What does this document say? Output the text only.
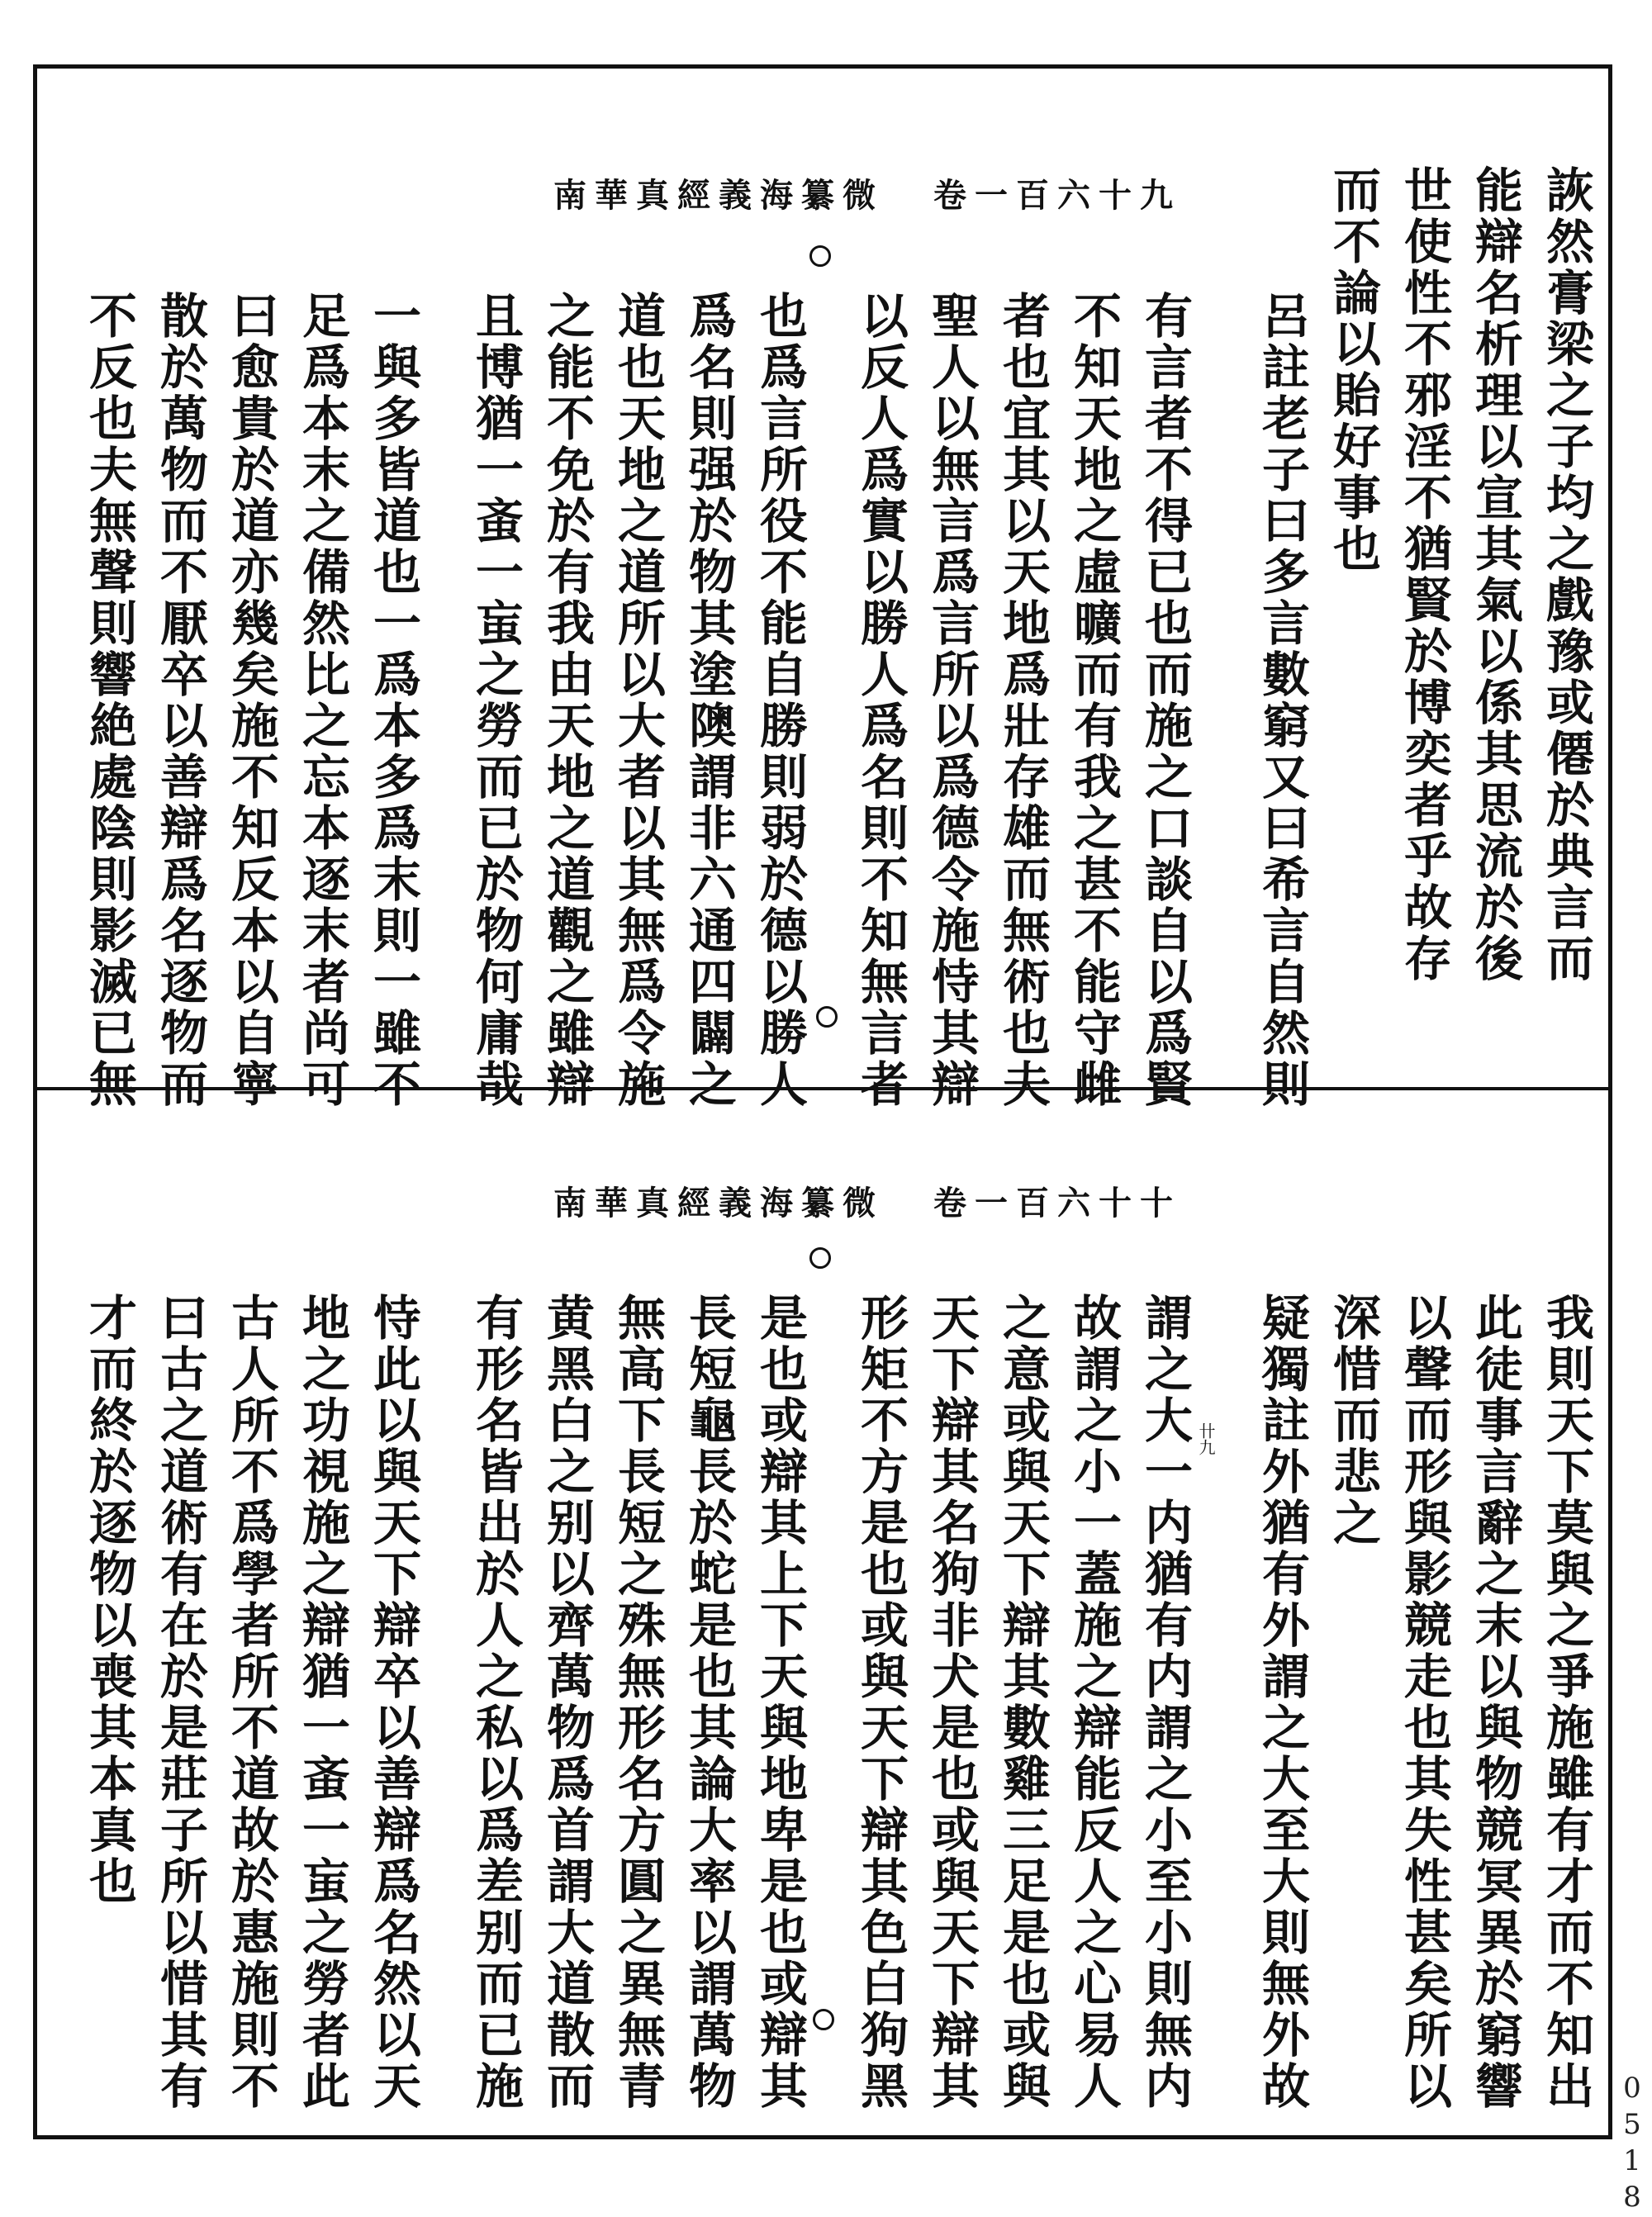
南華真經義海纂微 卷一百六十九	詼然膏梁之子均之戲豫或僊於典言而
能辯名析理以宣其氣以係其思流於後
世使性不邪淫不猶賢於博奕者乎故存
而不論以貽好事也
呂註老子曰多言數窮又曰希言自然則
有言者不得已也而施之口談自以爲賢
不知天地之虛曠而有我之甚不能守雌
者也宜其以天地爲壯存雄而無術也夫
聖人以無言爲言所以爲德令施恃其辯
以反人爲實以勝人爲名則不知無言者
也爲言所役不能自勝則弱於德以勝人
爲名則强於物其塗隩謂非六通四闢之
道也天地之道所以大者以其無爲令施
之能不免於有我由天地之道觀之雖辯
且博猶一蚉一䖟之勞而已於物何庸哉
一與多皆道也一爲本多爲末則一雖不
足爲本末之備然比之忘本逐末者尚可
曰愈貴於道亦幾矣施不知反本以自寧
散於萬物而不厭卒以善辯爲名逐物而
不反也夫無聲則響絶處陰則影滅已無
南華真經義海纂微 卷一百六十十
我則天下莫與之爭施雖有才而不知出
此徒事言辭之末以與物競冥異於窮響
以聲而形與影競走也其失性甚矣所以
深惜而悲之
疑獨註外猶有外謂之大至大則無外故
謂之大一内猶有内謂之小至小則無内
故謂之小一蓋施之辯能反人之心易人
之意或與天下辯其數雞三足是也或與
天下辯其名狗非犬是也或與天下辯其
形矩不方是也或與天下辯其色白狗黑
是也或辯其上下天與地卑是也或辯其
長短龜長於蛇是也其論大率以謂萬物
無高下長短之殊無形名方圓之異無青
黄黑白之别以齊萬物爲首謂大道散而
有形名皆出於人之私以爲差别而已施
恃此以與天下辯卒以善辯爲名然以天
地之功視施之辯猶一蚉一䖟之勞者此
古人所不爲學者所不道故於惠施則不
曰古之道術有在於是莊子所以惜其有
才而終於逐物以喪其本真也	卄九
0518
